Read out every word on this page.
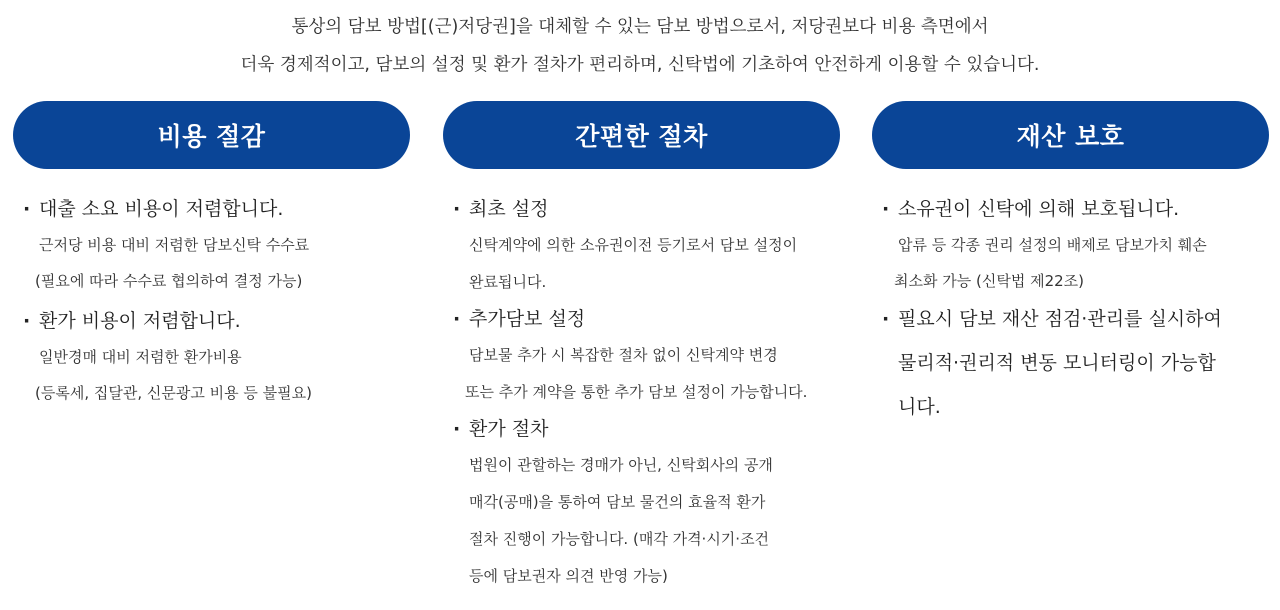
통상의 담보 방법[(근)저당권]을 대체할 수 있는 담보 방법으로서, 저당권보다 비용 측면에서
더욱 경제적이고, 담보의 설정 및 환가 절차가 편리하며, 신탁법에 기초하여 안전하게 이용할 수 있습니다.
비용 절감
· 대출 소요 비용이 저렴합니다.
근저당 비용 대비 저렴한 담보신탁 수수료
(필요에 따라 수수료 협의하여 결정 가능)
· 환가 비용이 저렴합니다.
일반경매 대비 저렴한 환가비용
(등록세, 집달관, 신문광고 비용 등 불필요)
간편한 절차
· 최초 설정
신탁계약에 의한 소유권이전 등기로서 담보 설정이
완료됩니다.
· 추가담보 설정
담보물 추가 시 복잡한 절차 없이 신탁계약 변경
또는 추가 계약을 통한 추가 담보 설정이 가능합니다.
· 환가 절차
법원이 관할하는 경매가 아닌, 신탁회사의 공개
매각(공매)을 통하여 담보 물건의 효율적 환가
절차 진행이 가능합니다. (매각 가격·시기·조건
등에 담보권자 의견 반영 가능)
재산 보호
· 소유권이 신탁에 의해 보호됩니다.
압류 등 각종 권리 설정의 배제로 담보가치 훼손
최소화 가능 (신탁법 제22조)
· 필요시 담보 재산 점검·관리를 실시하여
물리적·권리적 변동 모니터링이 가능합
니다.
